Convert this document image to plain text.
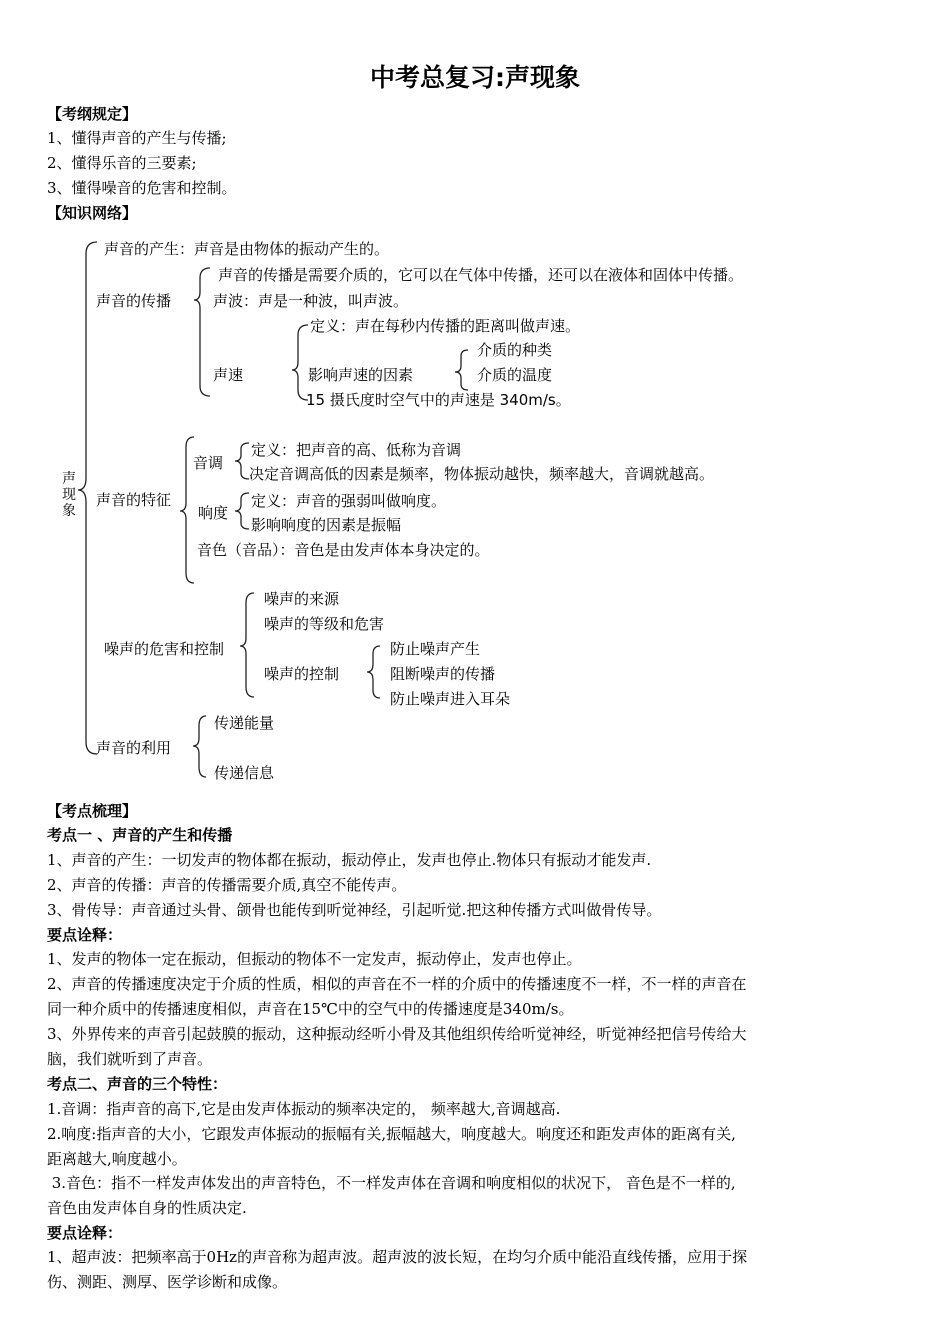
中考总复习:声现象
【考纲规定】
1、懂得声音的产生与传播;
2、懂得乐音的三要素;
3、懂得噪音的危害和控制。
【知识网络】
声现象
声音的产生：声音是由物体的振动产生的。
声音的传播
声音的传播是需要介质的，它可以在气体中传播，还可以在液体和固体中传播。
声波：声是一种波，叫声波。
声速
定义：声在每秒内传播的距离叫做声速。
影响声速的因素
介质的种类
介质的温度
15 摄氏度时空气中的声速是 340m/s。
声音的特征
音调
定义：把声音的高、低称为音调
决定音调高低的因素是频率，物体振动越快，频率越大，音调就越高。
响度
定义：声音的强弱叫做响度。
影响响度的因素是振幅
音色（音品）：音色是由发声体本身决定的。
噪声的危害和控制
噪声的来源
噪声的等级和危害
噪声的控制
防止噪声产生
阻断噪声的传播
防止噪声进入耳朵
声音的利用
传递能量
传递信息
【考点梳理】
考点一 、声音的产生和传播
1、声音的产生：一切发声的物体都在振动，振动停止，发声也停止.物体只有振动才能发声.
2、声音的传播：声音的传播需要介质,真空不能传声。
3、骨传导：声音通过头骨、颌骨也能传到听觉神经，引起听觉.把这种传播方式叫做骨传导。
要点诠释：
1、发声的物体一定在振动，但振动的物体不一定发声，振动停止，发声也停止。
2、声音的传播速度决定于介质的性质，相似的声音在不一样的介质中的传播速度不一样，不一样的声音在
同一种介质中的传播速度相似，声音在15℃中的空气中的传播速度是340m/s。
3、外界传来的声音引起鼓膜的振动，这种振动经听小骨及其他组织传给听觉神经，听觉神经把信号传给大
脑，我们就听到了声音。
考点二、声音的三个特性：
1.音调：指声音的高下,它是由发声体振动的频率决定的， 频率越大,音调越高.
2.响度:指声音的大小，它跟发声体振动的振幅有关,振幅越大，响度越大。响度还和距发声体的距离有关,
距离越大,响度越小。
3.音色：指不一样发声体发出的声音特色，不一样发声体在音调和响度相似的状况下， 音色是不一样的,
音色由发声体自身的性质决定.
要点诠释：
1、超声波：把频率高于0Hz的声音称为超声波。超声波的波长短，在均匀介质中能沿直线传播，应用于探
伤、测距、测厚、医学诊断和成像。
